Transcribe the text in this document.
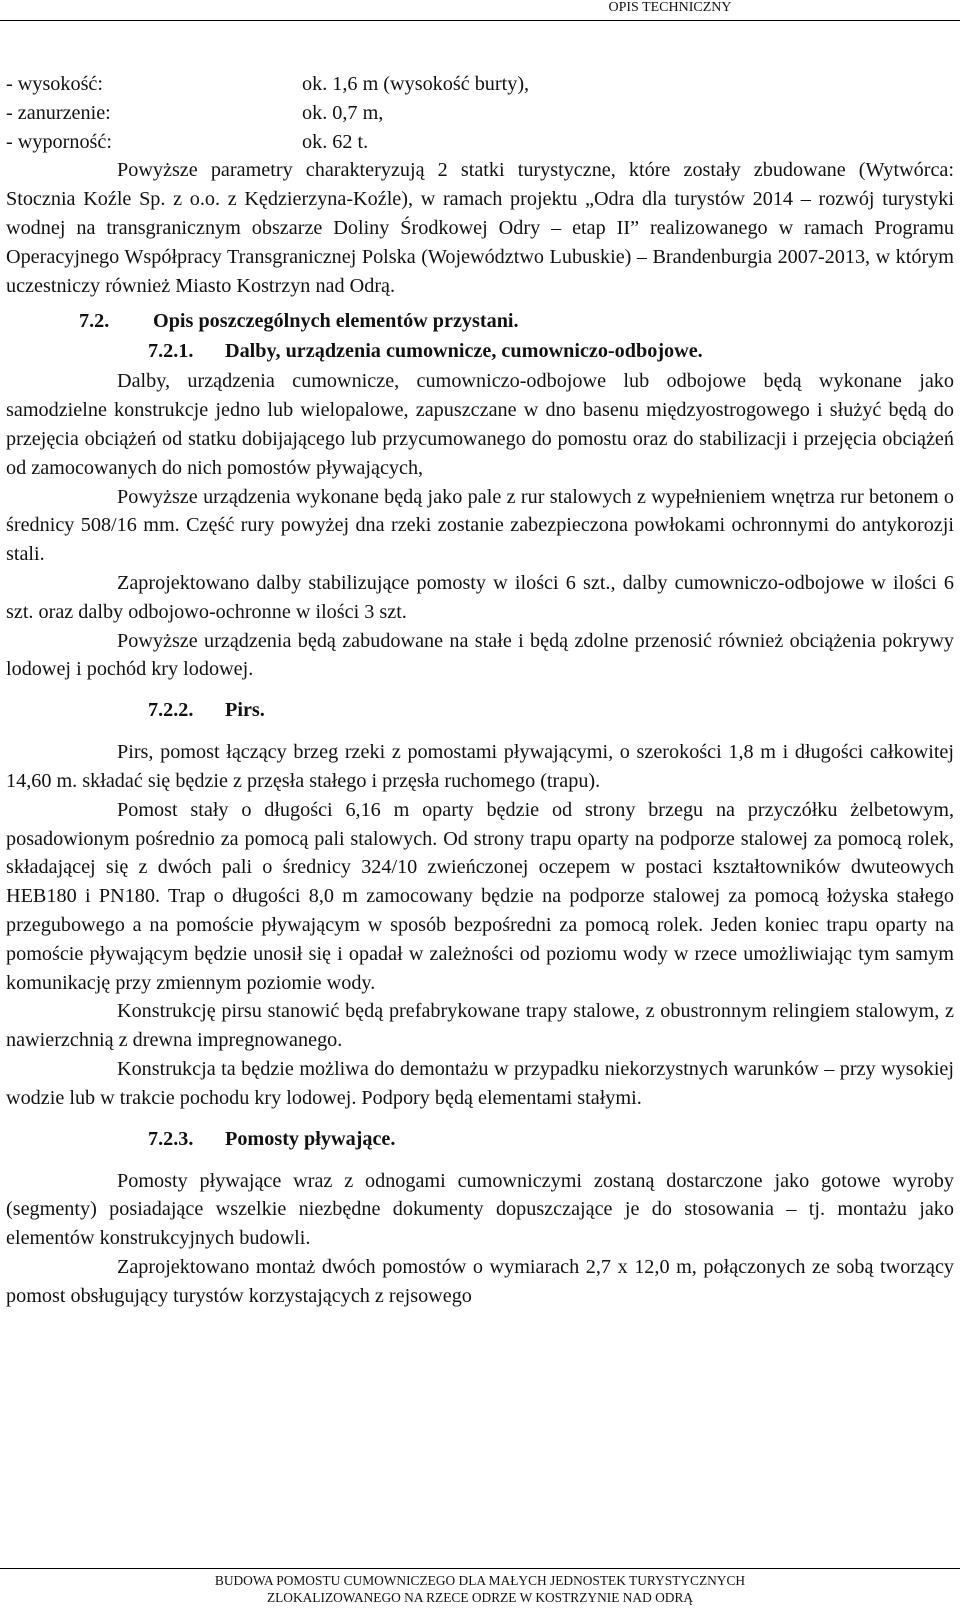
OPIS TECHNICZNY
- wysokość:	ok. 1,6 m (wysokość burty),
- zanurzenie:	ok. 0,7 m,
- wyporność:	ok. 62 t.

Powyższe parametry charakteryzują 2 statki turystyczne, które zostały zbudowane (Wytwórca: Stocznia Koźle Sp. z o.o. z Kędzierzyna-Koźle), w ramach projektu „Odra dla turystów 2014 – rozwój turystyki wodnej na transgranicznym obszarze Doliny Środkowej Odry – etap II” realizowanego w ramach Programu Operacyjnego Współpracy Transgranicznej Polska (Województwo Lubuskie) – Brandenburgia 2007-2013, w którym uczestniczy również Miasto Kostrzyn nad Odrą.

7.2. Opis poszczególnych elementów przystani.
7.2.1. Dalby, urządzenia cumownicze, cumowniczo-odbojowe.

Dalby, urządzenia cumownicze, cumowniczo-odbojowe lub odbojowe będą wykonane jako samodzielne konstrukcje jedno lub wielopalowe, zapuszczane w dno basenu międzyostrogowego i służyć będą do przejęcia obciążeń od statku dobijającego lub przycumowanego do pomostu oraz do stabilizacji i przejęcia obciążeń od zamocowanych do nich pomostów pływających,

Powyższe urządzenia wykonane będą jako pale z rur stalowych z wypełnieniem wnętrza rur betonem o średnicy 508/16 mm. Część rury powyżej dna rzeki zostanie zabezpieczona powłokami ochronnymi do antykorozji stali.

Zaprojektowano dalby stabilizujące pomosty w ilości 6 szt., dalby cumowniczo-odbojowe w ilości 6 szt. oraz dalby odbojowo-ochronne w ilości 3 szt.

Powyższe urządzenia będą zabudowane na stałe i będą zdolne przenosić również obciążenia pokrywy lodowej i pochód kry lodowej.

7.2.2. Pirs.

Pirs, pomost łączący brzeg rzeki z pomostami pływającymi, o szerokości 1,8 m i długości całkowitej 14,60 m. składać się będzie z przęsła stałego i przęsła ruchomego (trapu).

Pomost stały o długości 6,16 m oparty będzie od strony brzegu na przyczółku żelbetowym, posadowionym pośrednio za pomocą pali stalowych. Od strony trapu oparty na podporze stalowej za pomocą rolek, składającej się z dwóch pali o średnicy 324/10 zwieńczonej oczepem w postaci kształtowników dwuteowych HEB180 i PN180. Trap o długości 8,0 m zamocowany będzie na podporze stalowej za pomocą łożyska stałego przegubowego a na pomoście pływającym w sposób bezpośredni za pomocą rolek. Jeden koniec trapu oparty na pomoście pływającym będzie unosił się i opadał w zależności od poziomu wody w rzece umożliwiając tym samym komunikację przy zmiennym poziomie wody.

Konstrukcję pirsu stanowić będą prefabrykowane trapy stalowe, z obustronnym relingiem stalowym, z nawierzchnią z drewna impregnowanego.

Konstrukcja ta będzie możliwa do demontażu w przypadku niekorzystnych warunków – przy wysokiej wodzie lub w trakcie pochodu kry lodowej. Podpory będą elementami stałymi.

7.2.3. Pomosty pływające.

Pomosty pływające wraz z odnogami cumowniczymi zostaną dostarczone jako gotowe wyroby (segmenty) posiadające wszelkie niezbędne dokumenty dopuszczające je do stosowania – tj. montażu jako elementów konstrukcyjnych budowli.

Zaprojektowano montaż dwóch pomostów o wymiarach 2,7 x 12,0 m, połączonych ze sobą tworzący pomost obsługujący turystów korzystających z rejsowego

BUDOWA POMOSTU CUMOWNICZEGO DLA MAŁYCH JEDNOSTEK TURYSTYCZNYCH
ZLOKALIZOWANEGO NA RZECE ODRZE W KOSTRZYNIE NAD ODRĄ
